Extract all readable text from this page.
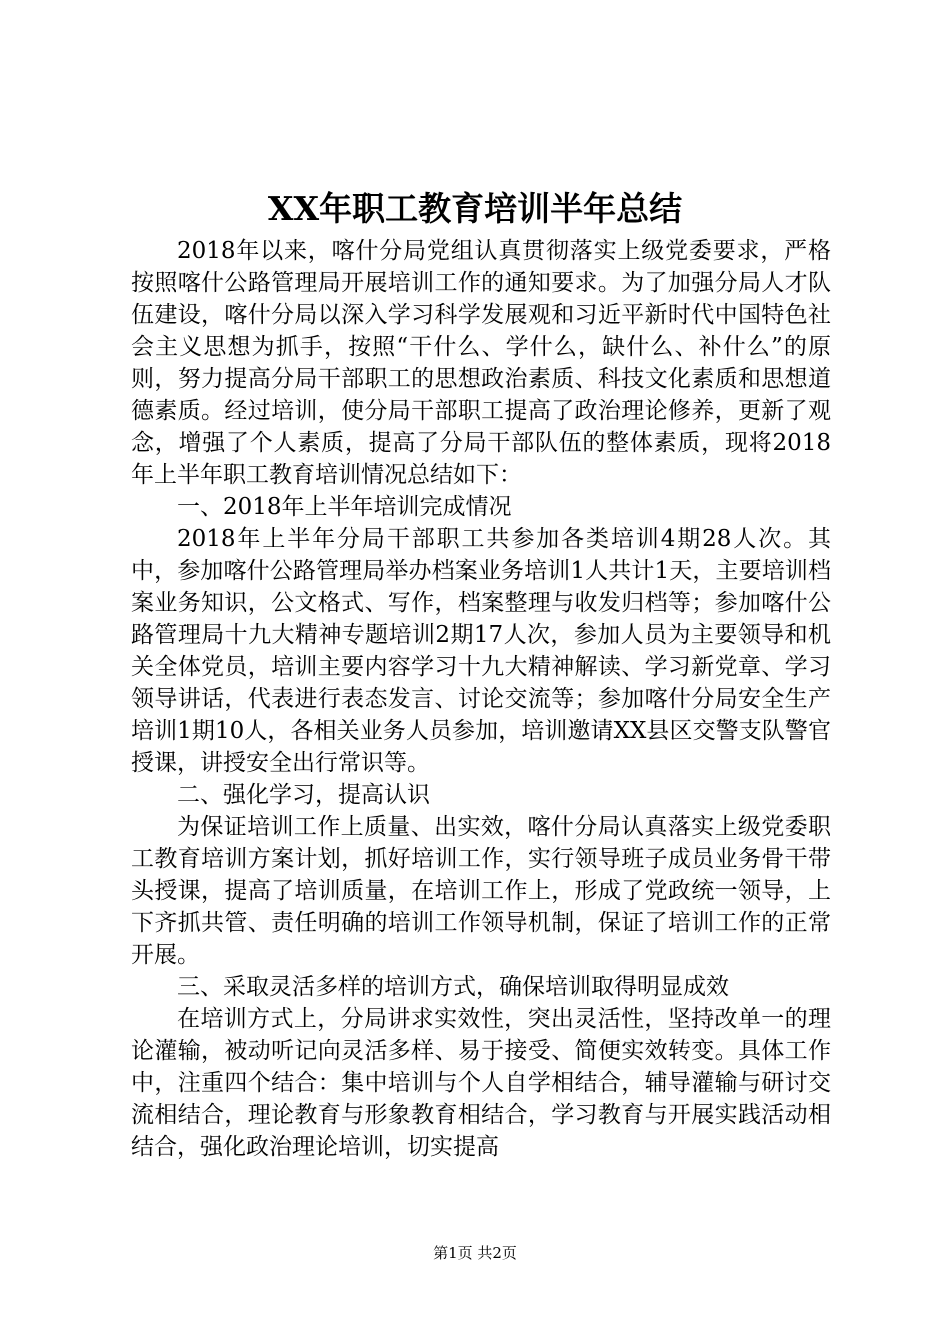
XX年职工教育培训半年总结

2018年以来，喀什分局党组认真贯彻落实上级党委要求，严格按照喀什公路管理局开展培训工作的通知要求。为了加强分局人才队伍建设，喀什分局以深入学习科学发展观和习近平新时代中国特色社会主义思想为抓手，按照“干什么、学什么，缺什么、补什么”的原则，努力提高分局干部职工的思想政治素质、科技文化素质和思想道德素质。经过培训，使分局干部职工提高了政治理论修养，更新了观念，增强了个人素质，提高了分局干部队伍的整体素质，现将2018年上半年职工教育培训情况总结如下：

一、2018年上半年培训完成情况

2018年上半年分局干部职工共参加各类培训4期28人次。其中，参加喀什公路管理局举办档案业务培训1人共计1天，主要培训档案业务知识，公文格式、写作，档案整理与收发归档等；参加喀什公路管理局十九大精神专题培训2期17人次，参加人员为主要领导和机关全体党员，培训主要内容学习十九大精神解读、学习新党章、学习领导讲话，代表进行表态发言、讨论交流等；参加喀什分局安全生产培训1期10人，各相关业务人员参加，培训邀请XX县区交警支队警官授课，讲授安全出行常识等。

二、强化学习，提高认识

为保证培训工作上质量、出实效，喀什分局认真落实上级党委职工教育培训方案计划，抓好培训工作，实行领导班子成员业务骨干带头授课，提高了培训质量，在培训工作上，形成了党政统一领导，上下齐抓共管、责任明确的培训工作领导机制，保证了培训工作的正常开展。

三、采取灵活多样的培训方式，确保培训取得明显成效

在培训方式上，分局讲求实效性，突出灵活性，坚持改单一的理论灌输，被动听记向灵活多样、易于接受、简便实效转变。具体工作中，注重四个结合：集中培训与个人自学相结合，辅导灌输与研讨交流相结合，理论教育与形象教育相结合，学习教育与开展实践活动相结合，强化政治理论培训，切实提高

第1页 共2页
